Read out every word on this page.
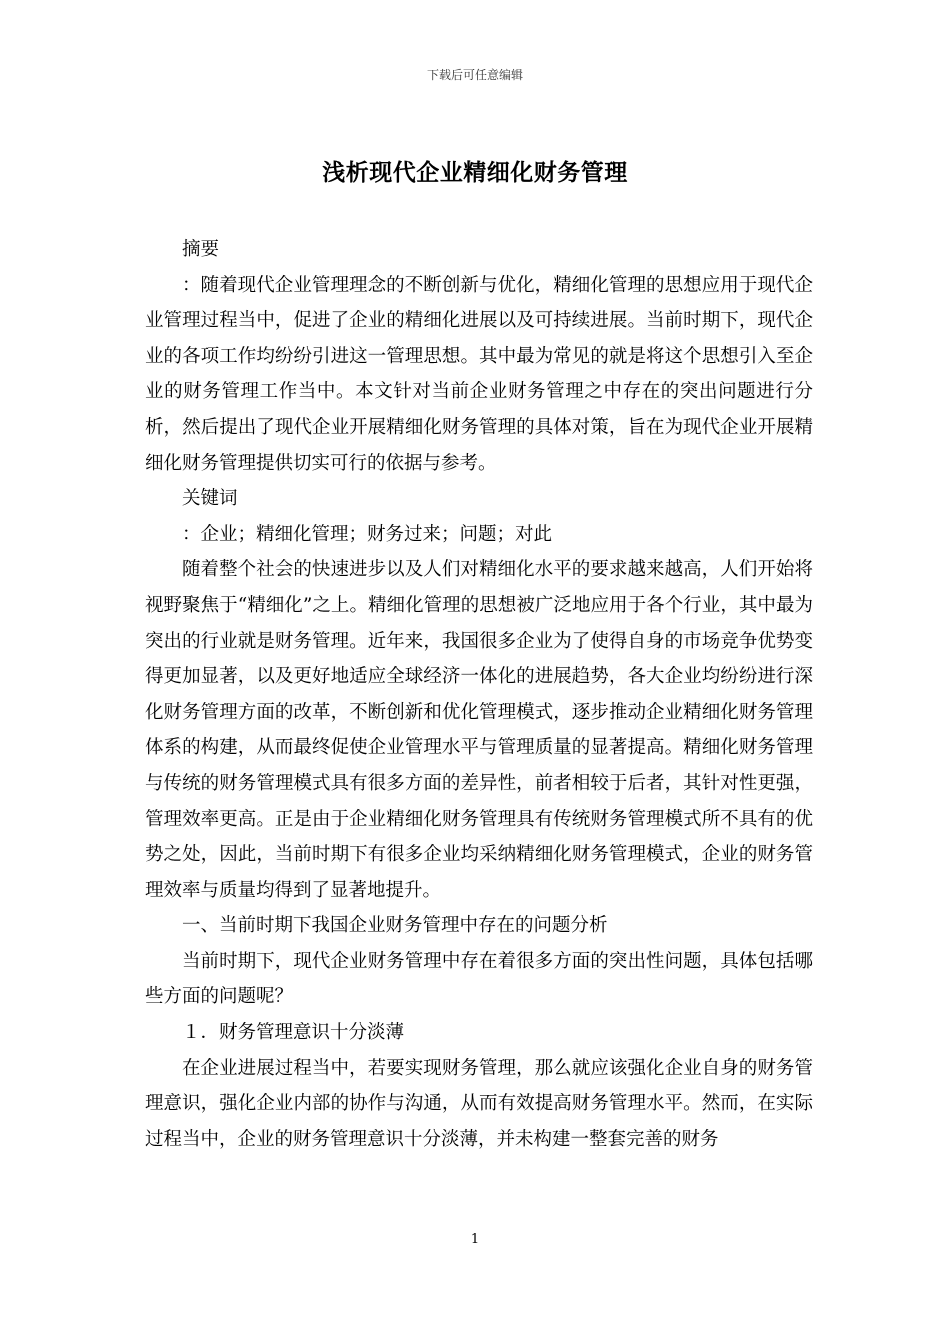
下载后可任意编辑
浅析现代企业精细化财务管理

摘要

：随着现代企业管理理念的不断创新与优化，精细化管理的思想应用于现代企业管理过程当中，促进了企业的精细化进展以及可持续进展。当前时期下，现代企业的各项工作均纷纷引进这一管理思想。其中最为常见的就是将这个思想引入至企业的财务管理工作当中。本文针对当前企业财务管理之中存在的突出问题进行分析，然后提出了现代企业开展精细化财务管理的具体对策，旨在为现代企业开展精细化财务管理提供切实可行的依据与参考。

关键词

：企业；精细化管理；财务过来；问题；对此

随着整个社会的快速进步以及人们对精细化水平的要求越来越高，人们开始将视野聚焦于“精细化”之上。精细化管理的思想被广泛地应用于各个行业，其中最为突出的行业就是财务管理。近年来，我国很多企业为了使得自身的市场竞争优势变得更加显著，以及更好地适应全球经济一体化的进展趋势，各大企业均纷纷进行深化财务管理方面的改革，不断创新和优化管理模式，逐步推动企业精细化财务管理体系的构建，从而最终促使企业管理水平与管理质量的显著提高。精细化财务管理与传统的财务管理模式具有很多方面的差异性，前者相较于后者，其针对性更强，管理效率更高。正是由于企业精细化财务管理具有传统财务管理模式所不具有的优势之处，因此，当前时期下有很多企业均采纳精细化财务管理模式，企业的财务管理效率与质量均得到了显著地提升。

一、当前时期下我国企业财务管理中存在的问题分析

当前时期下，现代企业财务管理中存在着很多方面的突出性问题，具体包括哪些方面的问题呢？

１．财务管理意识十分淡薄

在企业进展过程当中，若要实现财务管理，那么就应该强化企业自身的财务管理意识，强化企业内部的协作与沟通，从而有效提高财务管理水平。然而，在实际过程当中，企业的财务管理意识十分淡薄，并未构建一整套完善的财务

1
